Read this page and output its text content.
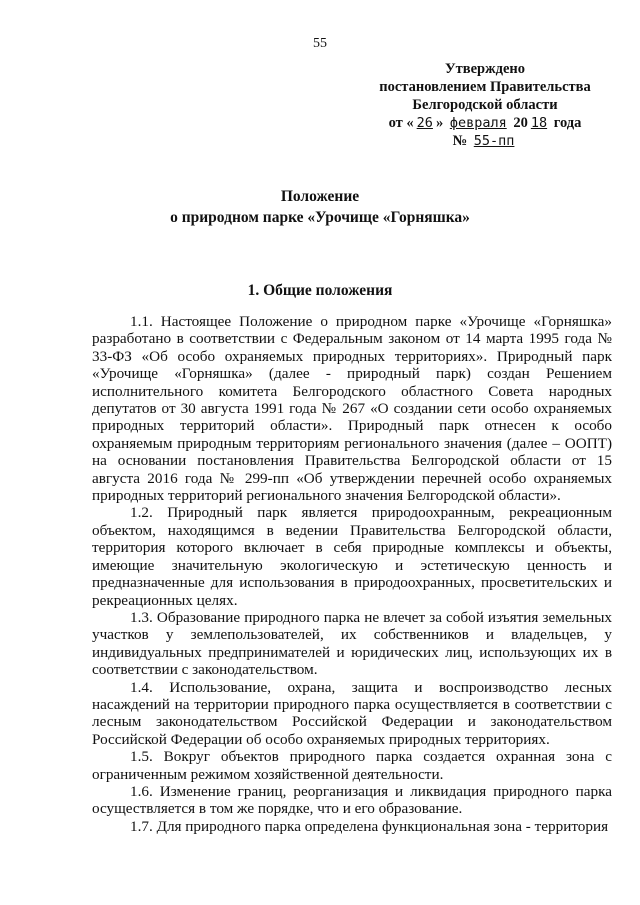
55
Утверждено
постановлением Правительства
Белгородской области
от « 26 » февраля 20 18 года
№ 55-пп
Положение
о природном парке «Урочище «Горняшка»
1. Общие положения

1.1. Настоящее Положение о природном парке «Урочище «Горняшка» разработано в соответствии с Федеральным законом от 14 марта 1995 года № 33-ФЗ «Об особо охраняемых природных территориях». Природный парк «Урочище «Горняшка» (далее - природный парк) создан Решением исполнительного комитета Белгородского областного Совета народных депутатов от 30 августа 1991 года № 267 «О создании сети особо охраняемых природных территорий области». Природный парк отнесен к особо охраняемым природным территориям регионального значения (далее – ООПТ) на основании постановления Правительства Белгородской области от 15 августа 2016 года № 299-пп «Об утверждении перечней особо охраняемых природных территорий регионального значения Белгородской области».

1.2. Природный парк является природоохранным, рекреационным объектом, находящимся в ведении Правительства Белгородской области, территория которого включает в себя природные комплексы и объекты, имеющие значительную экологическую и эстетическую ценность и предназначенные для использования в природоохранных, просветительских и рекреационных целях.

1.3. Образование природного парка не влечет за собой изъятия земельных участков у землепользователей, их собственников и владельцев, у индивидуальных предпринимателей и юридических лиц, использующих их в соответствии с законодательством.

1.4. Использование, охрана, защита и воспроизводство лесных насаждений на территории природного парка осуществляется в соответствии с лесным законодательством Российской Федерации и законодательством Российской Федерации об особо охраняемых природных территориях.

1.5. Вокруг объектов природного парка создается охранная зона с ограниченным режимом хозяйственной деятельности.

1.6. Изменение границ, реорганизация и ликвидация природного парка осуществляется в том же порядке, что и его образование.

1.7. Для природного парка определена функциональная зона - территория
